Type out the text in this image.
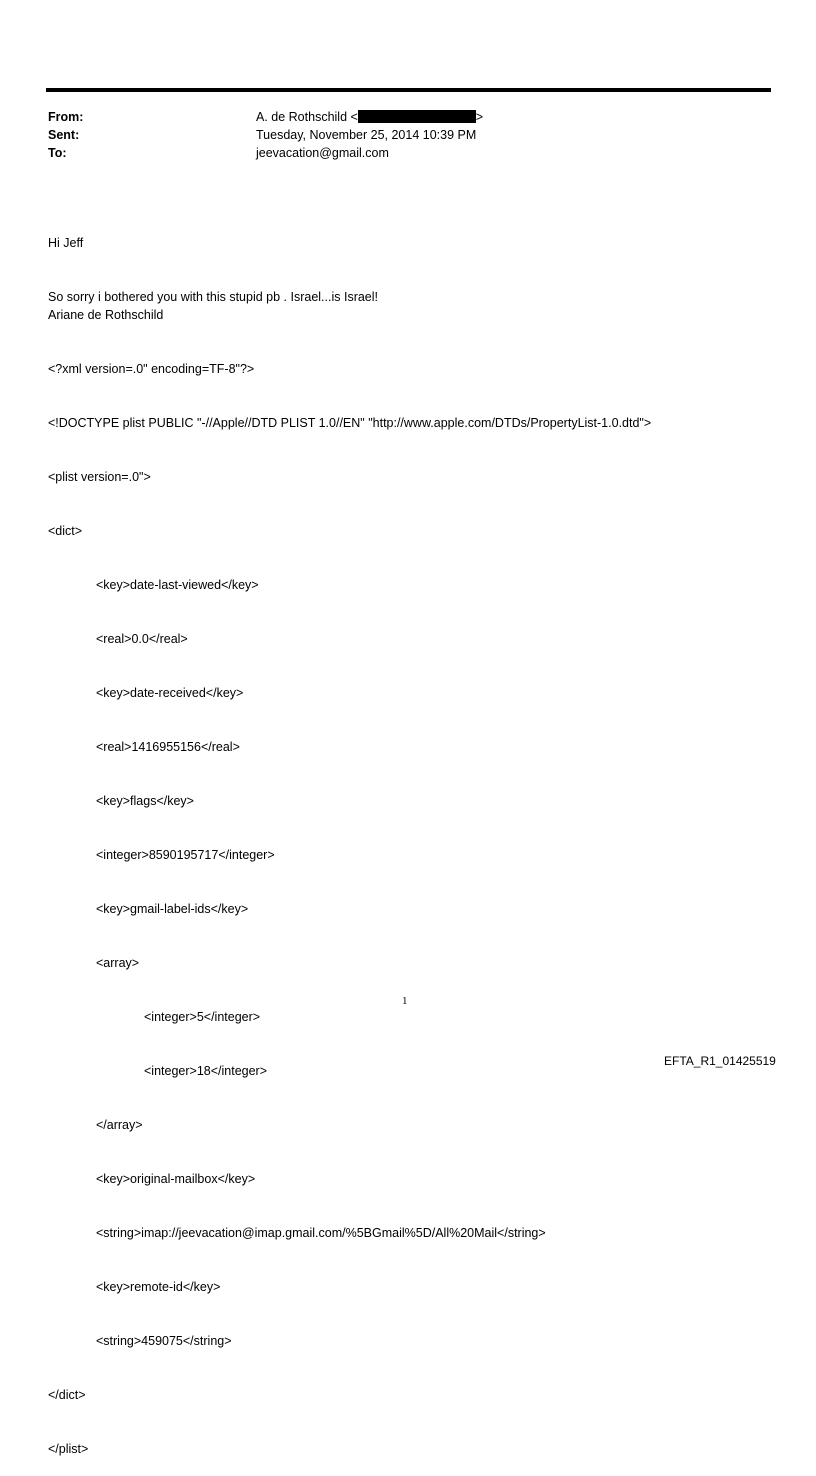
From:	A. de Rothschild <	>
Sent:	Tuesday, November 25, 2014 10:39 PM
To:	jeevacation@gmail.com

Hi Jeff

So sorry i bothered you with this stupid pb . Israel...is Israel!

Ariane de Rothschild

<?xml version=.0" encoding=TF-8"?>

<!DOCTYPE plist PUBLIC "-//Apple//DTD PLIST 1.0//EN" "http://www.apple.com/DTDs/PropertyList-1.0.dtd">

<plist version=.0">

<dict>

<key>date-last-viewed</key>

<real>0.0</real>

<key>date-received</key>

<real>1416955156</real>

<key>flags</key>

<integer>8590195717</integer>

<key>gmail-label-ids</key>

<array>

<integer>5</integer>

<integer>18</integer>

</array>

<key>original-mailbox</key>

<string>imap://jeevacation@imap.gmail.com/%5BGmail%5D/All%20Mail</string>

<key>remote-id</key>

<string>459075</string>

</dict>

</plist>

1
EFTA_R1_01425519
